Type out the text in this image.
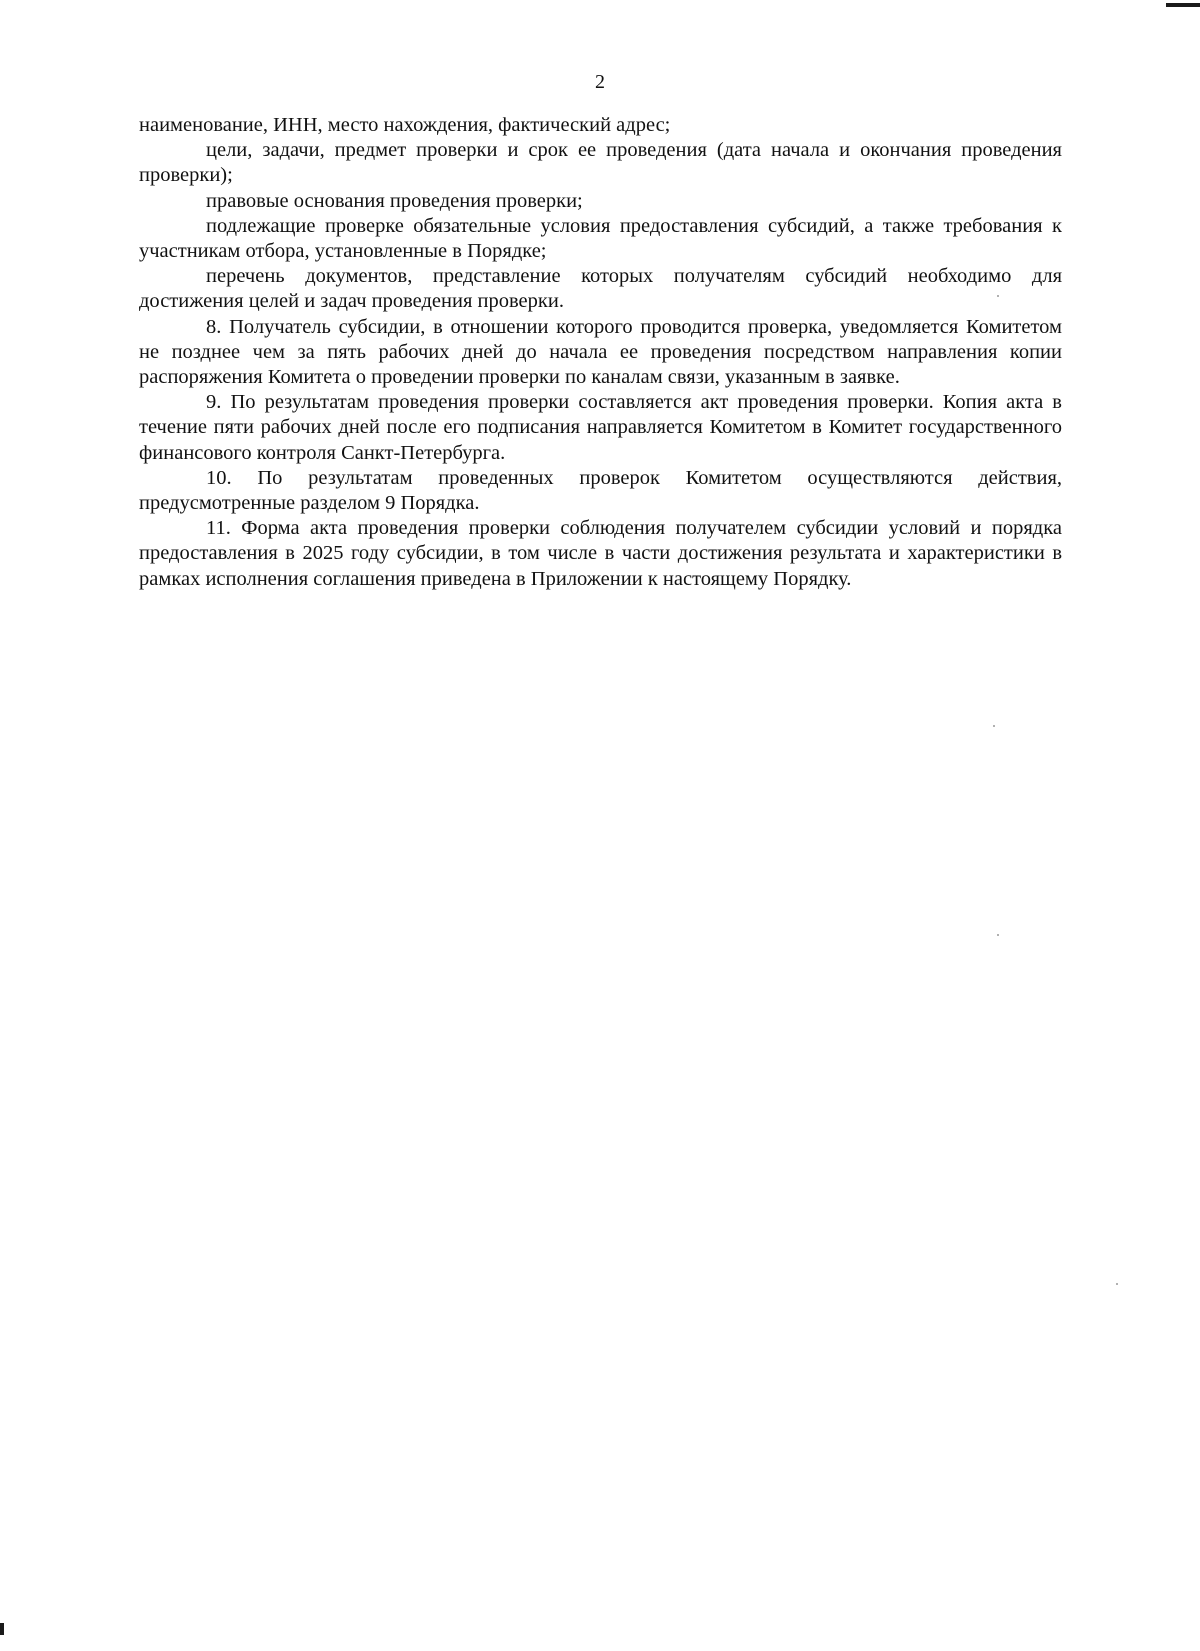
2

наименование, ИНН, место нахождения, фактический адрес;

цели, задачи, предмет проверки и срок ее проведения (дата начала и окончания проведения проверки);

правовые основания проведения проверки;

подлежащие проверке обязательные условия предоставления субсидий, а также требования к участникам отбора, установленные в Порядке;

перечень документов, представление которых получателям субсидий необходимо для достижения целей и задач проведения проверки.

8. Получатель субсидии, в отношении которого проводится проверка, уведомляется Комитетом не позднее чем за пять рабочих дней до начала ее проведения посредством направления копии распоряжения Комитета о проведении проверки по каналам связи, указанным в заявке.

9. По результатам проведения проверки составляется акт проведения проверки. Копия акта в течение пяти рабочих дней после его подписания направляется Комитетом в Комитет государственного финансового контроля Санкт-Петербурга.

10. По результатам проведенных проверок Комитетом осуществляются действия, предусмотренные разделом 9 Порядка.

11. Форма акта проведения проверки соблюдения получателем субсидии условий и порядка предоставления в 2025 году субсидии, в том числе в части достижения результата и характеристики в рамках исполнения соглашения приведена в Приложении к настоящему Порядку.
